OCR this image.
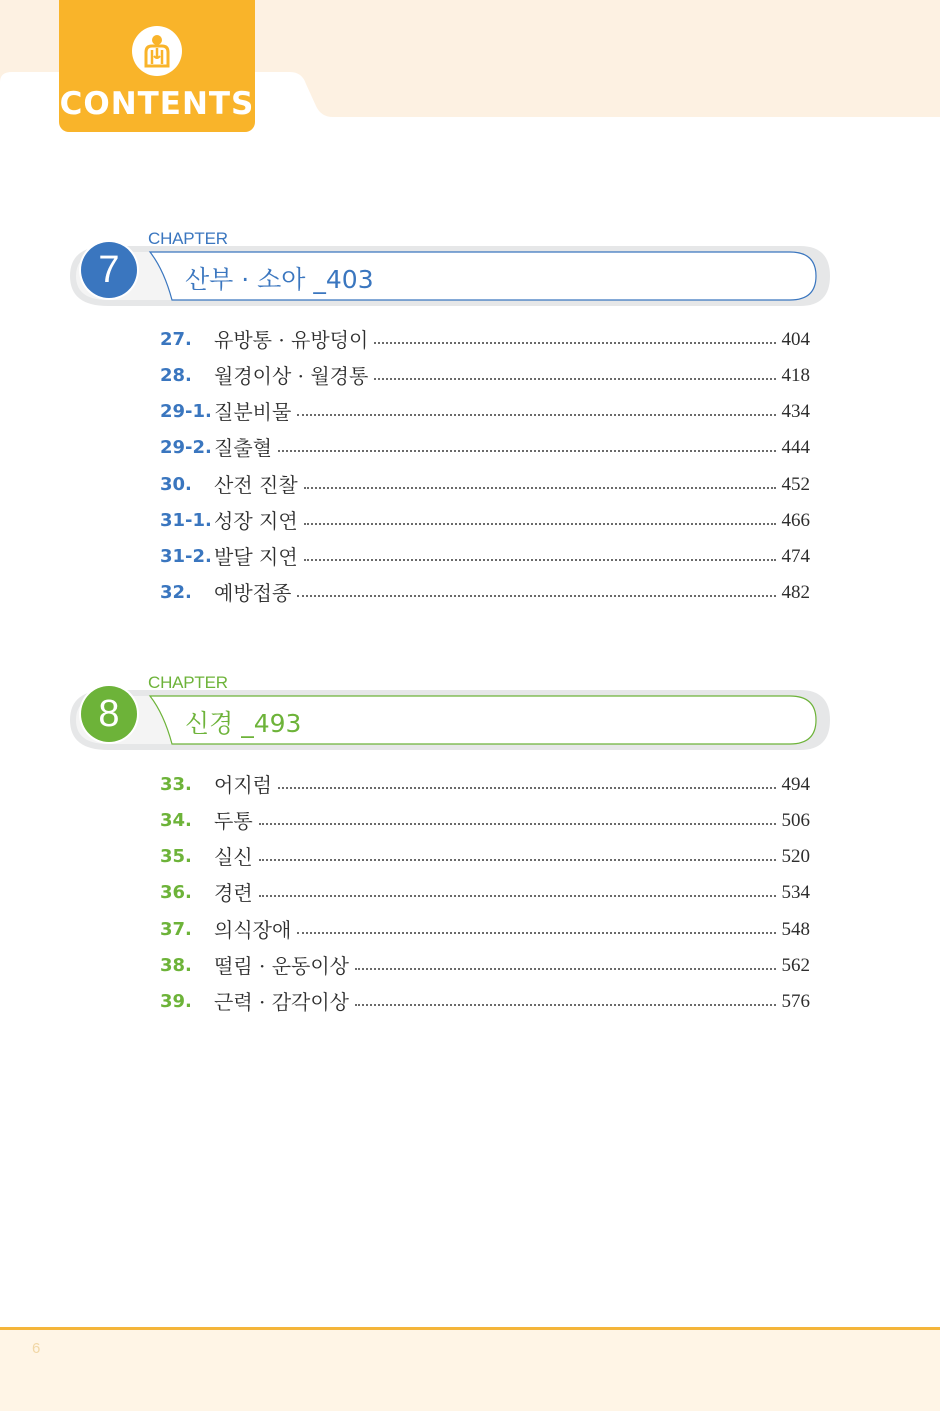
CONTENTS
CHAPTER
7	산부 · 소아 _403
27.	유방통 · 유방덩이	404
28.	월경이상 · 월경통	418
29-1. 질분비물	434
29-2. 질출혈	444
30.	산전 진찰	452
31-1. 성장 지연	466
31-2. 발달 지연	474
32.	예방접종	482
CHAPTER
8	신경 _493
33.	어지럼	494
34.	두통	506
35.	실신	520
36.	경련	534
37.	의식장애	548
38.	떨림 · 운동이상	562
39.	근력 · 감각이상	576
6
